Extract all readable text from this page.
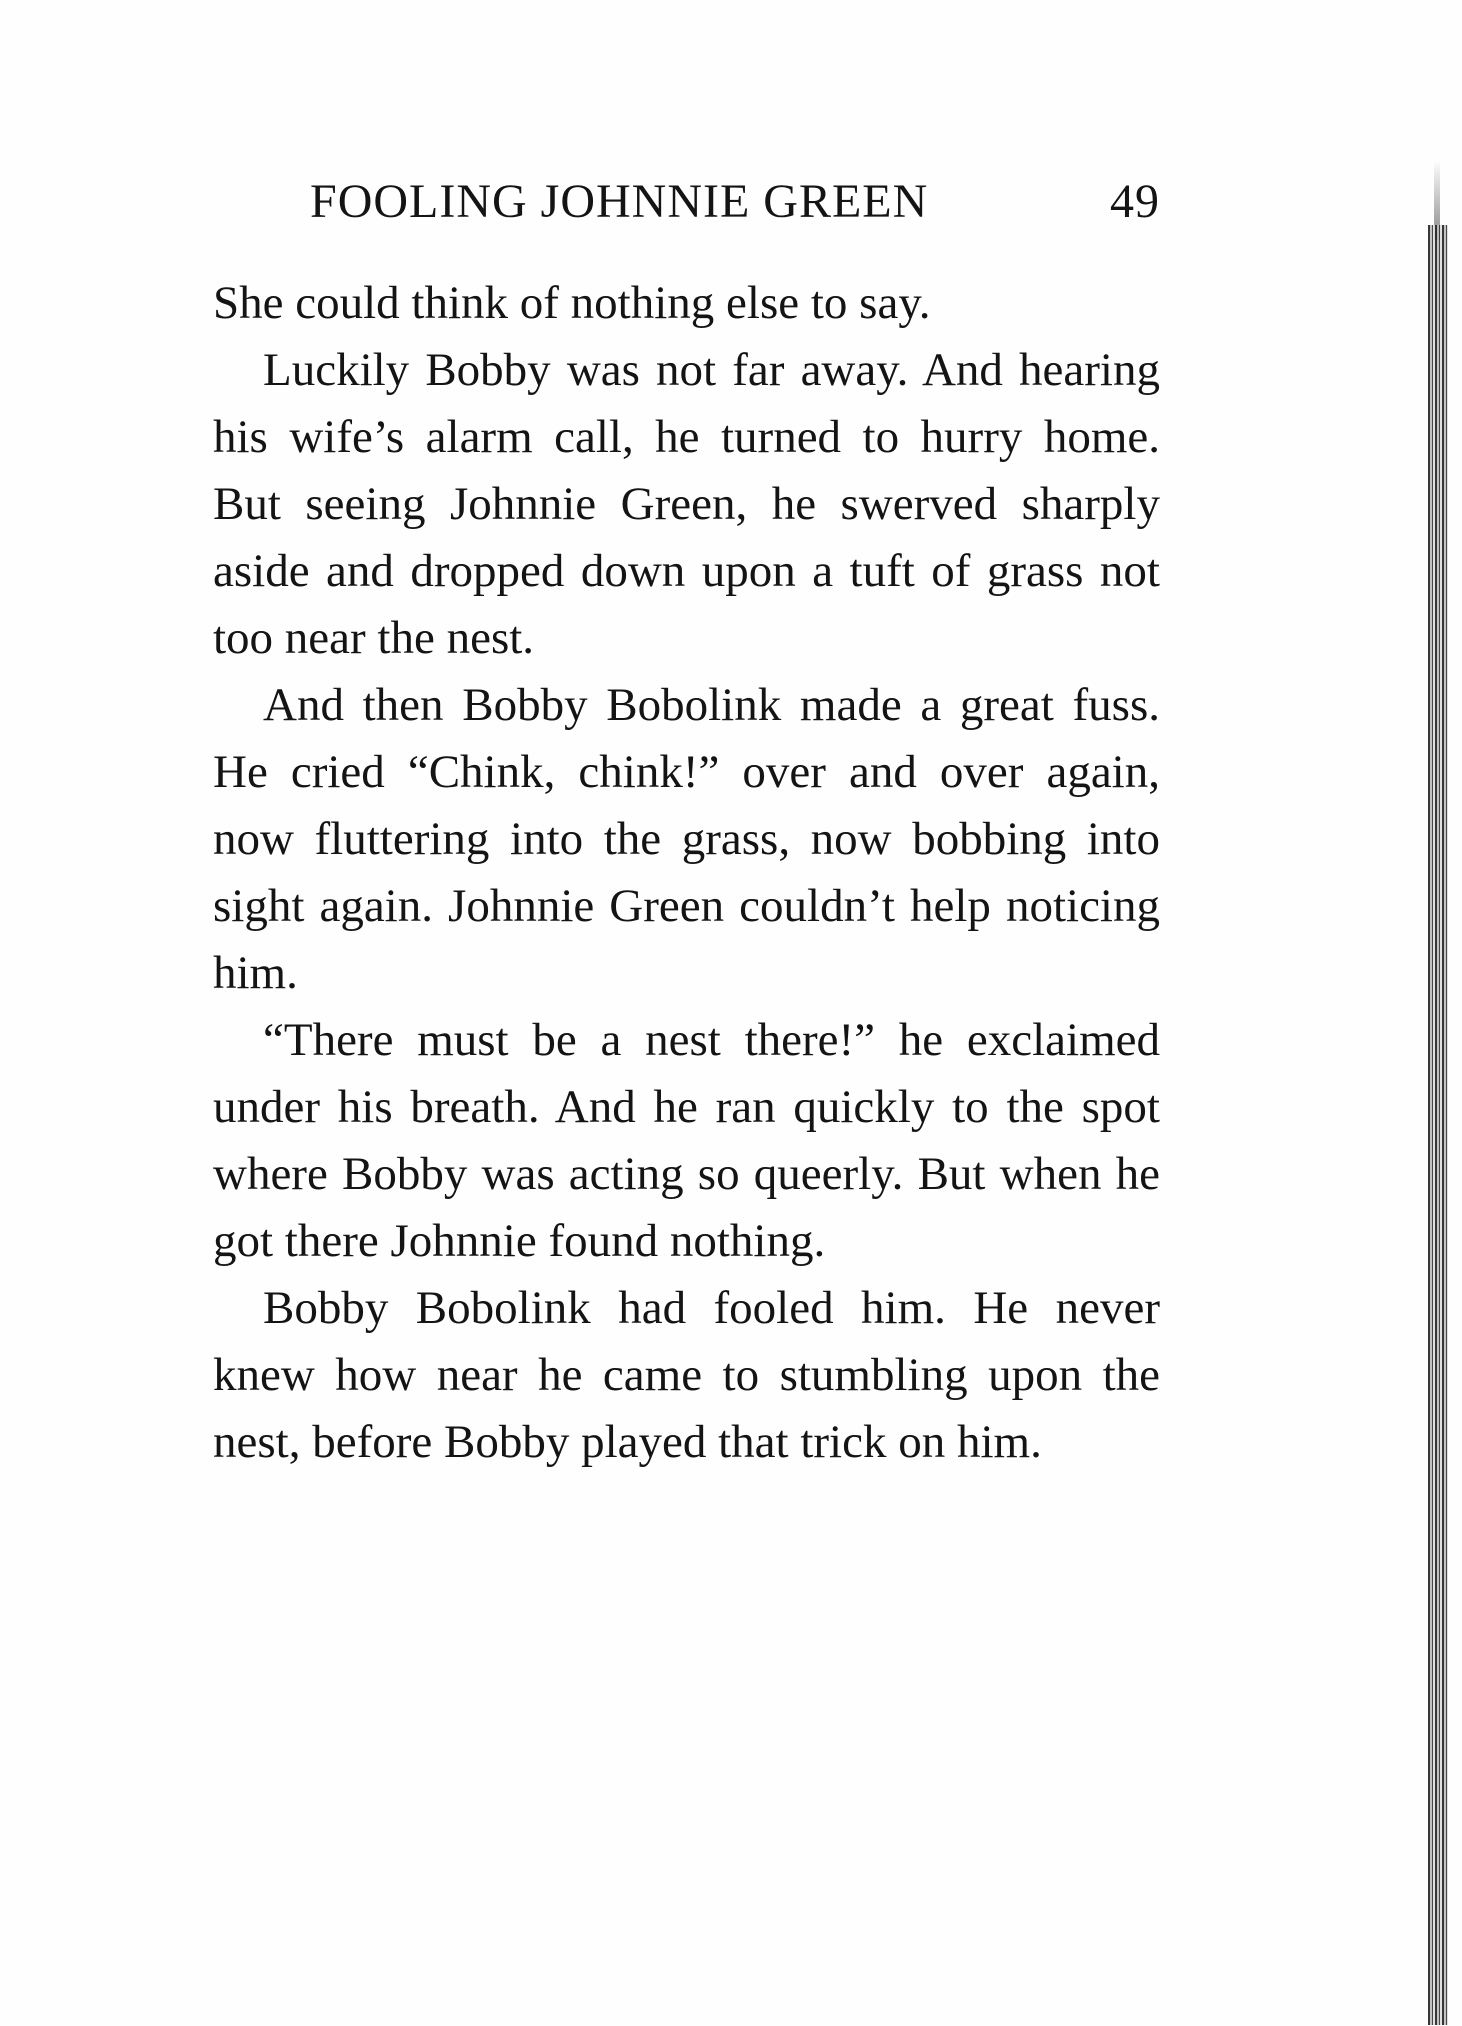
FOOLING JOHNNIE GREEN	49

She could think of nothing else to say.

Luckily Bobby was not far away. And hearing his wife’s alarm call, he turned to hurry home. But seeing Johnnie Green, he swerved sharply aside and dropped down upon a tuft of grass not too near the nest.

And then Bobby Bobolink made a great fuss. He cried “Chink, chink!” over and over again, now fluttering into the grass, now bobbing into sight again. Johnnie Green couldn’t help noticing him.

“There must be a nest there!” he exclaimed under his breath. And he ran quickly to the spot where Bobby was acting so queerly. But when he got there Johnnie found nothing.

Bobby Bobolink had fooled him. He never knew how near he came to stumbling upon the nest, before Bobby played that trick on him.
